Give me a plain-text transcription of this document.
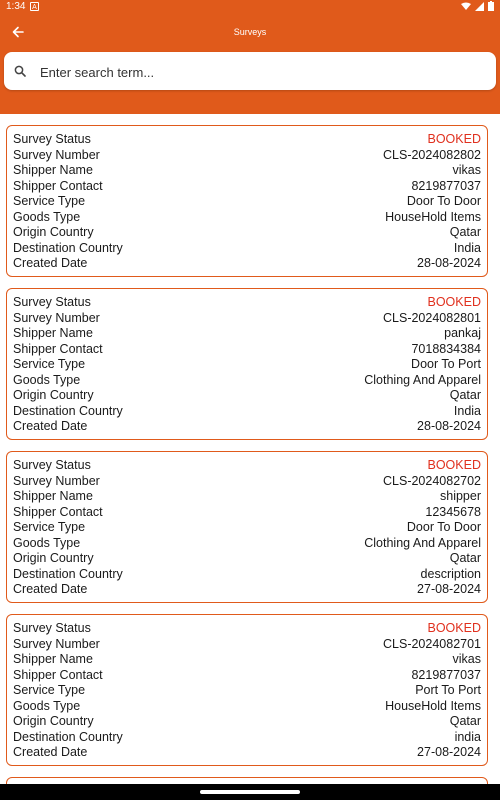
1:34 A
Surveys
Enter search term...
Survey Status	BOOKED
Survey Number	CLS-2024082802
Shipper Name	vikas
Shipper Contact	8219877037
Service Type	Door To Door
Goods Type	HouseHold Items
Origin Country	Qatar
Destination Country	India
Created Date	28-08-2024
Survey Status	BOOKED
Survey Number	CLS-2024082801
Shipper Name	pankaj
Shipper Contact	7018834384
Service Type	Door To Port
Goods Type	Clothing And Apparel
Origin Country	Qatar
Destination Country	India
Created Date	28-08-2024
Survey Status	BOOKED
Survey Number	CLS-2024082702
Shipper Name	shipper
Shipper Contact	12345678
Service Type	Door To Door
Goods Type	Clothing And Apparel
Origin Country	Qatar
Destination Country	description
Created Date	27-08-2024
Survey Status	BOOKED
Survey Number	CLS-2024082701
Shipper Name	vikas
Shipper Contact	8219877037
Service Type	Port To Port
Goods Type	HouseHold Items
Origin Country	Qatar
Destination Country	india
Created Date	27-08-2024
